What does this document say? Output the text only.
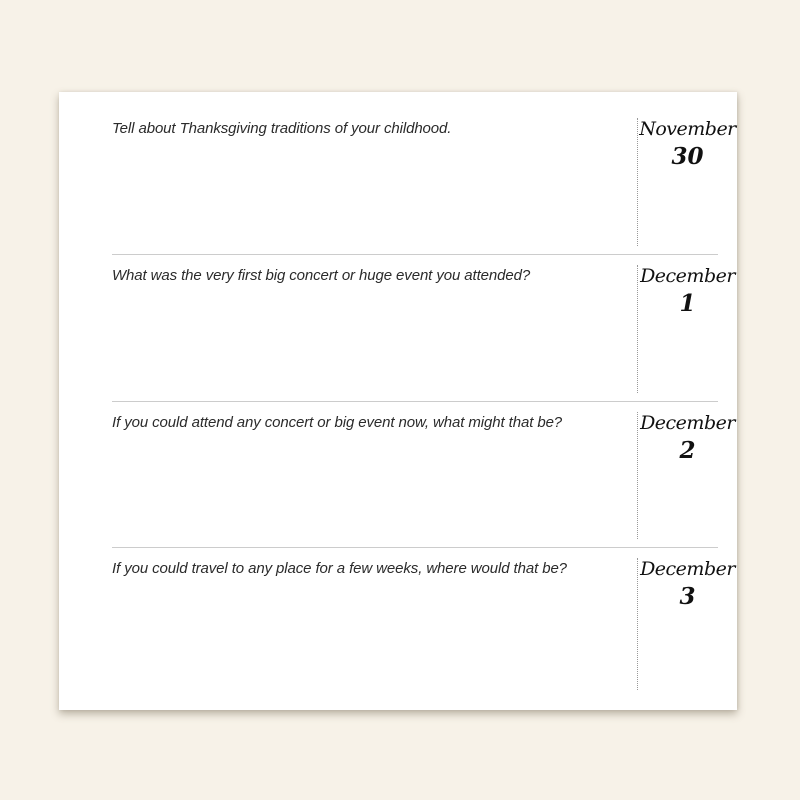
Tell about Thanksgiving traditions of your childhood.	November
30
What was the very first big concert or huge event you attended?	December
1
If you could attend any concert or big event now, what might that be?	December
2
If you could travel to any place for a few weeks, where would that be?	December
3
